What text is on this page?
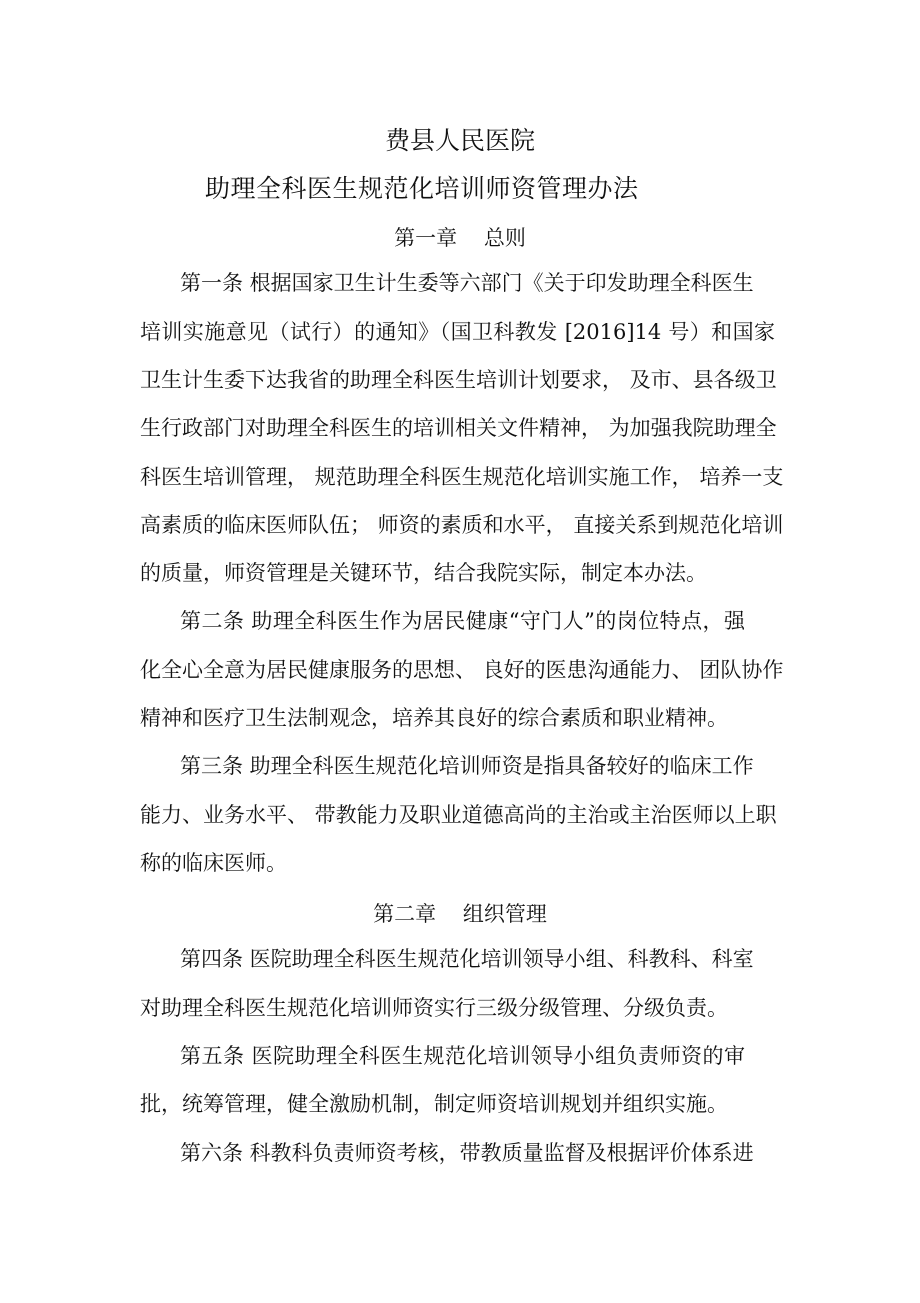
费县人民医院
助理全科医生规范化培训师资管理办法
第一章    总则
第一条 根据国家卫生计生委等六部门《关于印发助理全科医生
培训实施意见（试行）的通知》（国卫科教发 [2016]14 号）和国家
卫生计生委下达我省的助理全科医生培训计划要求， 及市、县各级卫
生行政部门对助理全科医生的培训相关文件精神， 为加强我院助理全
科医生培训管理， 规范助理全科医生规范化培训实施工作， 培养一支
高素质的临床医师队伍； 师资的素质和水平， 直接关系到规范化培训
的质量，师资管理是关键环节，结合我院实际，制定本办法。
第二条 助理全科医生作为居民健康“守门人”的岗位特点，强
化全心全意为居民健康服务的思想、 良好的医患沟通能力、 团队协作
精神和医疗卫生法制观念，培养其良好的综合素质和职业精神。
第三条 助理全科医生规范化培训师资是指具备较好的临床工作
能力、业务水平、 带教能力及职业道德高尚的主治或主治医师以上职
称的临床医师。
第二章    组织管理
第四条 医院助理全科医生规范化培训领导小组、科教科、科室
对助理全科医生规范化培训师资实行三级分级管理、分级负责。
第五条 医院助理全科医生规范化培训领导小组负责师资的审
批，统筹管理，健全激励机制，制定师资培训规划并组织实施。
第六条 科教科负责师资考核，带教质量监督及根据评价体系进
